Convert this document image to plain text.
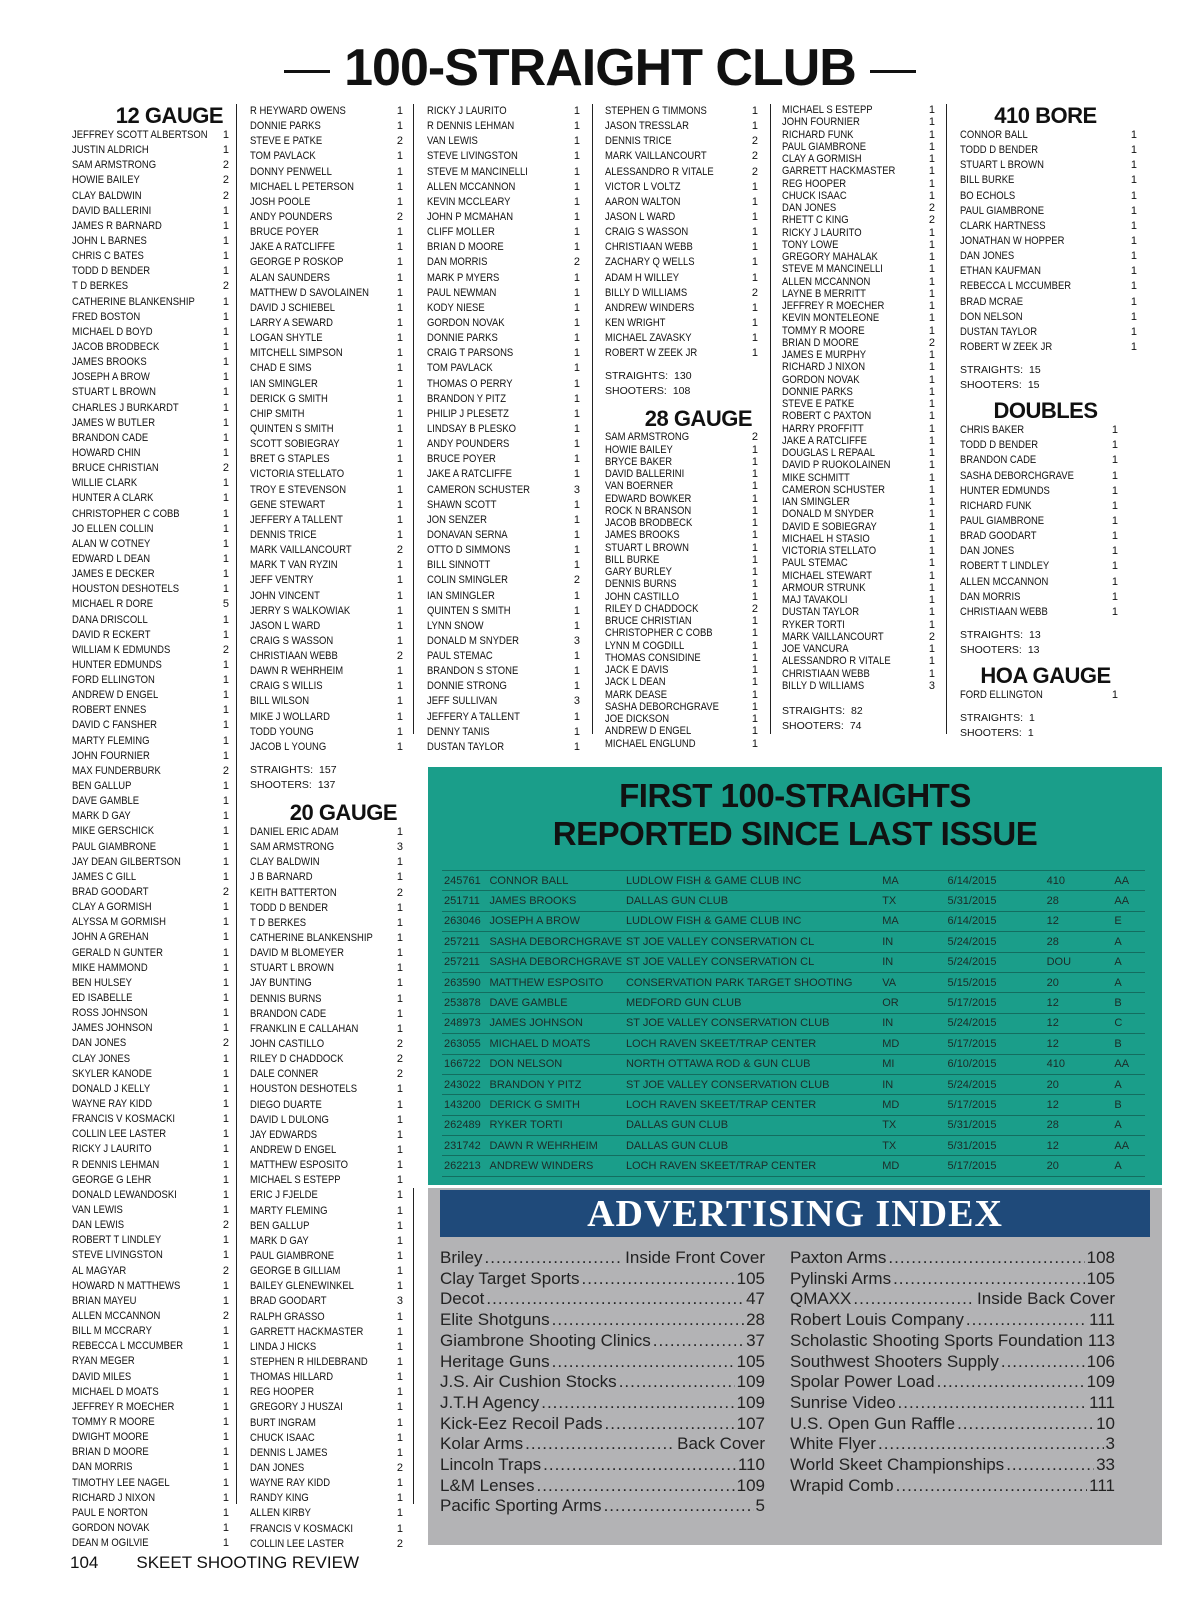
100-STRAIGHT CLUB
12 GAUGE
JEFFREY SCOTT ALBERTSON 1
JUSTIN ALDRICH	1
SAM ARMSTRONG	2
HOWIE BAILEY	2
CLAY BALDWIN	2
DAVID BALLERINI	1
JAMES R BARNARD	1
JOHN L BARNES	1
CHRIS C BATES	1
TODD D BENDER	1
T D BERKES	2
CATHERINE BLANKENSHIP	1
FRED BOSTON	1
MICHAEL D BOYD	1
JACOB BRODBECK	1
JAMES BROOKS	1
JOSEPH A BROW	1
STUART L BROWN	1
CHARLES J BURKARDT	1
JAMES W BUTLER	1
BRANDON CADE	1
HOWARD CHIN	1
BRUCE CHRISTIAN	2
WILLIE CLARK	1
HUNTER A CLARK	1
CHRISTOPHER C COBB	1
JO ELLEN COLLIN	1
ALAN W COTNEY	1
EDWARD L DEAN	1
JAMES E DECKER	1
HOUSTON DESHOTELS	1
MICHAEL R DORE	5
DANA DRISCOLL	1
DAVID R ECKERT	1
WILLIAM K EDMUNDS	2
HUNTER EDMUNDS	1
FORD ELLINGTON	1
ANDREW D ENGEL	1
ROBERT ENNES	1
DAVID C FANSHER	1
MARTY FLEMING	1
JOHN FOURNIER	1
MAX FUNDERBURK	2
BEN GALLUP	1
DAVE GAMBLE	1
MARK D GAY	1
MIKE GERSCHICK	1
PAUL GIAMBRONE	1
JAY DEAN GILBERTSON	1
JAMES C GILL	1
BRAD GOODART	2
CLAY A GORMISH	1
ALYSSA M GORMISH	1
JOHN A GREHAN	1
GERALD N GUNTER	1
MIKE HAMMOND	1
BEN HULSEY	1
ED ISABELLE	1
ROSS JOHNSON	1
JAMES JOHNSON	1
DAN JONES	2
CLAY JONES	1
SKYLER KANODE	1
DONALD J KELLY	1
WAYNE RAY KIDD	1
FRANCIS V KOSMACKI	1
COLLIN LEE LASTER	1
RICKY J LAURITO	1
R DENNIS LEHMAN	1
GEORGE G LEHR	1
DONALD LEWANDOSKI	1
VAN LEWIS	1
DAN LEWIS	2
ROBERT T LINDLEY	1
STEVE LIVINGSTON	1
AL MAGYAR	2
HOWARD N MATTHEWS	1
BRIAN MAYEU	1
ALLEN MCCANNON	2
BILL M MCCRARY	1
REBECCA L MCCUMBER	1
RYAN MEGER	1
DAVID MILES	1
MICHAEL D MOATS	1
JEFFREY R MOECHER	1
TOMMY R MOORE	1
DWIGHT MOORE	1
BRIAN D MOORE	1
DAN MORRIS	1
TIMOTHY LEE NAGEL	1
RICHARD J NIXON	1
PAUL E NORTON	1
GORDON NOVAK	1
DEAN M OGILVIE	1
R HEYWARD OWENS	1
DONNIE PARKS	1
STEVE E PATKE	2
TOM PAVLACK	1
DONNY PENWELL	1
MICHAEL L PETERSON	1
JOSH POOLE	1
ANDY POUNDERS	2
BRUCE POYER	1
JAKE A RATCLIFFE	1
GEORGE P ROSKOP	1
ALAN SAUNDERS	1
MATTHEW D SAVOLAINEN	1
DAVID J SCHIEBEL	1
LARRY A SEWARD	1
LOGAN SHYTLE	1
MITCHELL SIMPSON	1
CHAD E SIMS	1
IAN SMINGLER	1
DERICK G SMITH	1
CHIP SMITH	1
QUINTEN S SMITH	1
SCOTT SOBIEGRAY	1
BRET G STAPLES	1
VICTORIA STELLATO	1
TROY E STEVENSON	1
GENE STEWART	1
JEFFERY A TALLENT	1
DENNIS TRICE	1
MARK VAILLANCOURT	2
MARK T VAN RYZIN	1
JEFF VENTRY	1
JOHN VINCENT	1
JERRY S WALKOWIAK	1
JASON L WARD	1
CRAIG S WASSON	1
CHRISTIAAN WEBB	2
DAWN R WEHRHEIM	1
CRAIG S WILLIS	1
BILL WILSON	1
MIKE J WOLLARD	1
TODD YOUNG	1
JACOB L YOUNG	1
STRAIGHTS: 157
SHOOTERS: 137
20 GAUGE
DANIEL ERIC ADAM	1
SAM ARMSTRONG	3
CLAY BALDWIN	1
J B BARNARD	1
KEITH BATTERTON	2
TODD D BENDER	1
T D BERKES	1
CATHERINE BLANKENSHIP 1
DAVID M BLOMEYER	1
STUART L BROWN	1
JAY BUNTING	1
DENNIS BURNS	1
BRANDON CADE	1
FRANKLIN E CALLAHAN	1
JOHN CASTILLO	2
RILEY D CHADDOCK	2
DALE CONNER	2
HOUSTON DESHOTELS	1
DIEGO DUARTE	1
DAVID L DULONG	1
JAY EDWARDS	1
ANDREW D ENGEL	1
MATTHEW ESPOSITO	1
MICHAEL S ESTEPP	1
ERIC J FJELDE	1
MARTY FLEMING	1
BEN GALLUP	1
MARK D GAY	1
PAUL GIAMBRONE	1
GEORGE B GILLIAM	1
BAILEY GLENEWINKEL	1
BRAD GOODART	3
RALPH GRASSO	1
GARRETT HACKMASTER	1
LINDA J HICKS	1
STEPHEN R HILDEBRAND	1
THOMAS HILLARD	1
REG HOOPER	1
GREGORY J HUSZAI	1
BURT INGRAM	1
CHUCK ISAAC	1
DENNIS L JAMES	1
DAN JONES	2
WAYNE RAY KIDD	1
RANDY KING	1
ALLEN KIRBY	1
FRANCIS V KOSMACKI	1
COLLIN LEE LASTER	2
RICKY J LAURITO	1
R DENNIS LEHMAN	1
VAN LEWIS	1
STEVE LIVINGSTON	1
STEVE M MANCINELLI	1
ALLEN MCCANNON	1
KEVIN MCCLEARY	1
JOHN P MCMAHAN	1
CLIFF MOLLER	1
BRIAN D MOORE	1
DAN MORRIS	2
MARK P MYERS	1
PAUL NEWMAN	1
KODY NIESE	1
GORDON NOVAK	1
DONNIE PARKS	1
CRAIG T PARSONS	1
TOM PAVLACK	1
THOMAS O PERRY	1
BRANDON Y PITZ	1
PHILIP J PLESETZ	1
LINDSAY B PLESKO	1
ANDY POUNDERS	1
BRUCE POYER	1
JAKE A RATCLIFFE	1
CAMERON SCHUSTER	3
SHAWN SCOTT	1
JON SENZER	1
DONAVAN SERNA	1
OTTO D SIMMONS	1
BILL SINNOTT	1
COLIN SMINGLER	2
IAN SMINGLER	1
QUINTEN S SMITH	1
LYNN SNOW	1
DONALD M SNYDER	3
PAUL STEMAC	1
BRANDON S STONE	1
DONNIE STRONG	1
JEFF SULLIVAN	3
JEFFERY A TALLENT	1
DENNY TANIS	1
DUSTAN TAYLOR	1
STEPHEN G TIMMONS	1
JASON TRESSLAR	1
DENNIS TRICE	2
MARK VAILLANCOURT	2
ALESSANDRO R VITALE	2
VICTOR L VOLTZ	1
AARON WALTON	1
JASON L WARD	1
CRAIG S WASSON	1
CHRISTIAAN WEBB	1
ZACHARY Q WELLS	1
ADAM H WILLEY	1
BILLY D WILLIAMS	2
ANDREW WINDERS	1
KEN WRIGHT	1
MICHAEL ZAVASKY	1
ROBERT W ZEEK JR	1
STRAIGHTS: 130
SHOOTERS: 108
28 GAUGE
SAM ARMSTRONG	2
HOWIE BAILEY	1
BRYCE BAKER	1
DAVID BALLERINI	1
VAN BOERNER	1
EDWARD BOWKER	1
ROCK N BRANSON	1
JACOB BRODBECK	1
JAMES BROOKS	1
STUART L BROWN	1
BILL BURKE	1
GARY BURLEY	1
DENNIS BURNS	1
JOHN CASTILLO	1
RILEY D CHADDOCK	2
BRUCE CHRISTIAN	1
CHRISTOPHER C COBB	1
LYNN M COGDILL	1
THOMAS CONSIDINE	1
JACK E DAVIS	1
JACK L DEAN	1
MARK DEASE	1
SASHA DEBORCHGRAVE	1
JOE DICKSON	1
ANDREW D ENGEL	1
MICHAEL ENGLUND	1
MICHAEL S ESTEPP	1
JOHN FOURNIER	1
RICHARD FUNK	1
PAUL GIAMBRONE	1
CLAY A GORMISH	1
GARRETT HACKMASTER	1
REG HOOPER	1
CHUCK ISAAC	1
DAN JONES	2
RHETT C KING	2
RICKY J LAURITO	1
TONY LOWE	1
GREGORY MAHALAK	1
STEVE M MANCINELLI	1
ALLEN MCCANNON	1
LAYNE B MERRITT	1
JEFFREY R MOECHER	1
KEVIN MONTELEONE	1
TOMMY R MOORE	1
BRIAN D MOORE	2
JAMES E MURPHY	1
RICHARD J NIXON	1
GORDON NOVAK	1
DONNIE PARKS	1
STEVE E PATKE	1
ROBERT C PAXTON	1
HARRY PROFFITT	1
JAKE A RATCLIFFE	1
DOUGLAS L REPAAL	1
DAVID P RUOKOLAINEN	1
MIKE SCHMITT	1
CAMERON SCHUSTER	1
IAN SMINGLER	1
DONALD M SNYDER	1
DAVID E SOBIEGRAY	1
MICHAEL H STASIO	1
VICTORIA STELLATO	1
PAUL STEMAC	1
MICHAEL STEWART	1
ARMOUR STRUNK	1
MAJ TAVAKOLI	1
DUSTAN TAYLOR	1
RYKER TORTI	1
MARK VAILLANCOURT	2
JOE VANCURA	1
ALESSANDRO R VITALE	1
CHRISTIAAN WEBB	1
BILLY D WILLIAMS	3
STRAIGHTS: 82
SHOOTERS: 74
410 BORE
CONNOR BALL	1
TODD D BENDER	1
STUART L BROWN	1
BILL BURKE	1
BO ECHOLS	1
PAUL GIAMBRONE	1
CLARK HARTNESS	1
JONATHAN W HOPPER	1
DAN JONES	1
ETHAN KAUFMAN	1
REBECCA L MCCUMBER	1
BRAD MCRAE	1
DON NELSON	1
DUSTAN TAYLOR	1
ROBERT W ZEEK JR	1
STRAIGHTS: 15
SHOOTERS: 15
DOUBLES
CHRIS BAKER	1
TODD D BENDER	1
BRANDON CADE	1
SASHA DEBORCHGRAVE	1
HUNTER EDMUNDS	1
RICHARD FUNK	1
PAUL GIAMBRONE	1
BRAD GOODART	1
DAN JONES	1
ROBERT T LINDLEY	1
ALLEN MCCANNON	1
DAN MORRIS	1
CHRISTIAAN WEBB	1
STRAIGHTS: 13
SHOOTERS: 13
HOA GAUGE
FORD ELLINGTON	1
STRAIGHTS: 1
SHOOTERS: 1
FIRST 100-STRAIGHTS
REPORTED SINCE LAST ISSUE
245761	CONNOR BALL	LUDLOW FISH & GAME CLUB INC	MA	6/14/2015	410	AA
251711	JAMES BROOKS	DALLAS GUN CLUB	TX	5/31/2015	28	AA
263046	JOSEPH A BROW	LUDLOW FISH & GAME CLUB INC	MA	6/14/2015	12	E
257211	SASHA DEBORCHGRAVE	ST JOE VALLEY CONSERVATION CL	IN	5/24/2015	28	A
257211	SASHA DEBORCHGRAVE	ST JOE VALLEY CONSERVATION CL	IN	5/24/2015	DOU	A
263590	MATTHEW ESPOSITO	CONSERVATION PARK TARGET SHOOTING	VA	5/15/2015	20	A
253878	DAVE GAMBLE	MEDFORD GUN CLUB	OR	5/17/2015	12	B
248973	JAMES JOHNSON	ST JOE VALLEY CONSERVATION CLUB	IN	5/24/2015	12	C
263055	MICHAEL D MOATS	LOCH RAVEN SKEET/TRAP CENTER	MD	5/17/2015	12	B
166722	DON NELSON	NORTH OTTAWA ROD & GUN CLUB	MI	6/10/2015	410	AA
243022	BRANDON Y PITZ	ST JOE VALLEY CONSERVATION CLUB	IN	5/24/2015	20	A
143200	DERICK G SMITH	LOCH RAVEN SKEET/TRAP CENTER	MD	5/17/2015	12	B
262489	RYKER TORTI	DALLAS GUN CLUB	TX	5/31/2015	28	A
231742	DAWN R WEHRHEIM	DALLAS GUN CLUB	TX	5/31/2015	12	AA
262213	ANDREW WINDERS	LOCH RAVEN SKEET/TRAP CENTER	MD	5/17/2015	20	A
ADVERTISING INDEX
Briley .....	Inside Front Cover
Clay Target Sports .....	105
Decot .....	47
Elite Shotguns .....	28
Giambrone Shooting Clinics .....	37
Heritage Guns .....	105
J.S. Air Cushion Stocks .....	109
J.T.H Agency .....	109
Kick-Eez Recoil Pads .....	107
Kolar Arms .....	Back Cover
Lincoln Traps .....	110
L&M Lenses .....	109
Pacific Sporting Arms .....	5
Paxton Arms .....	108
Pylinski Arms .....	105
QMAXX .....	Inside Back Cover
Robert Louis Company .....	111
Scholastic Shooting Sports Foundation ..... 113
Southwest Shooters Supply .....	106
Spolar Power Load .....	109
Sunrise Video .....	111
U.S. Open Gun Raffle .....	10
White Flyer .....	3
World Skeet Championships .....	33
Wrapid Comb .....	111
104 SKEET SHOOTING REVIEW
